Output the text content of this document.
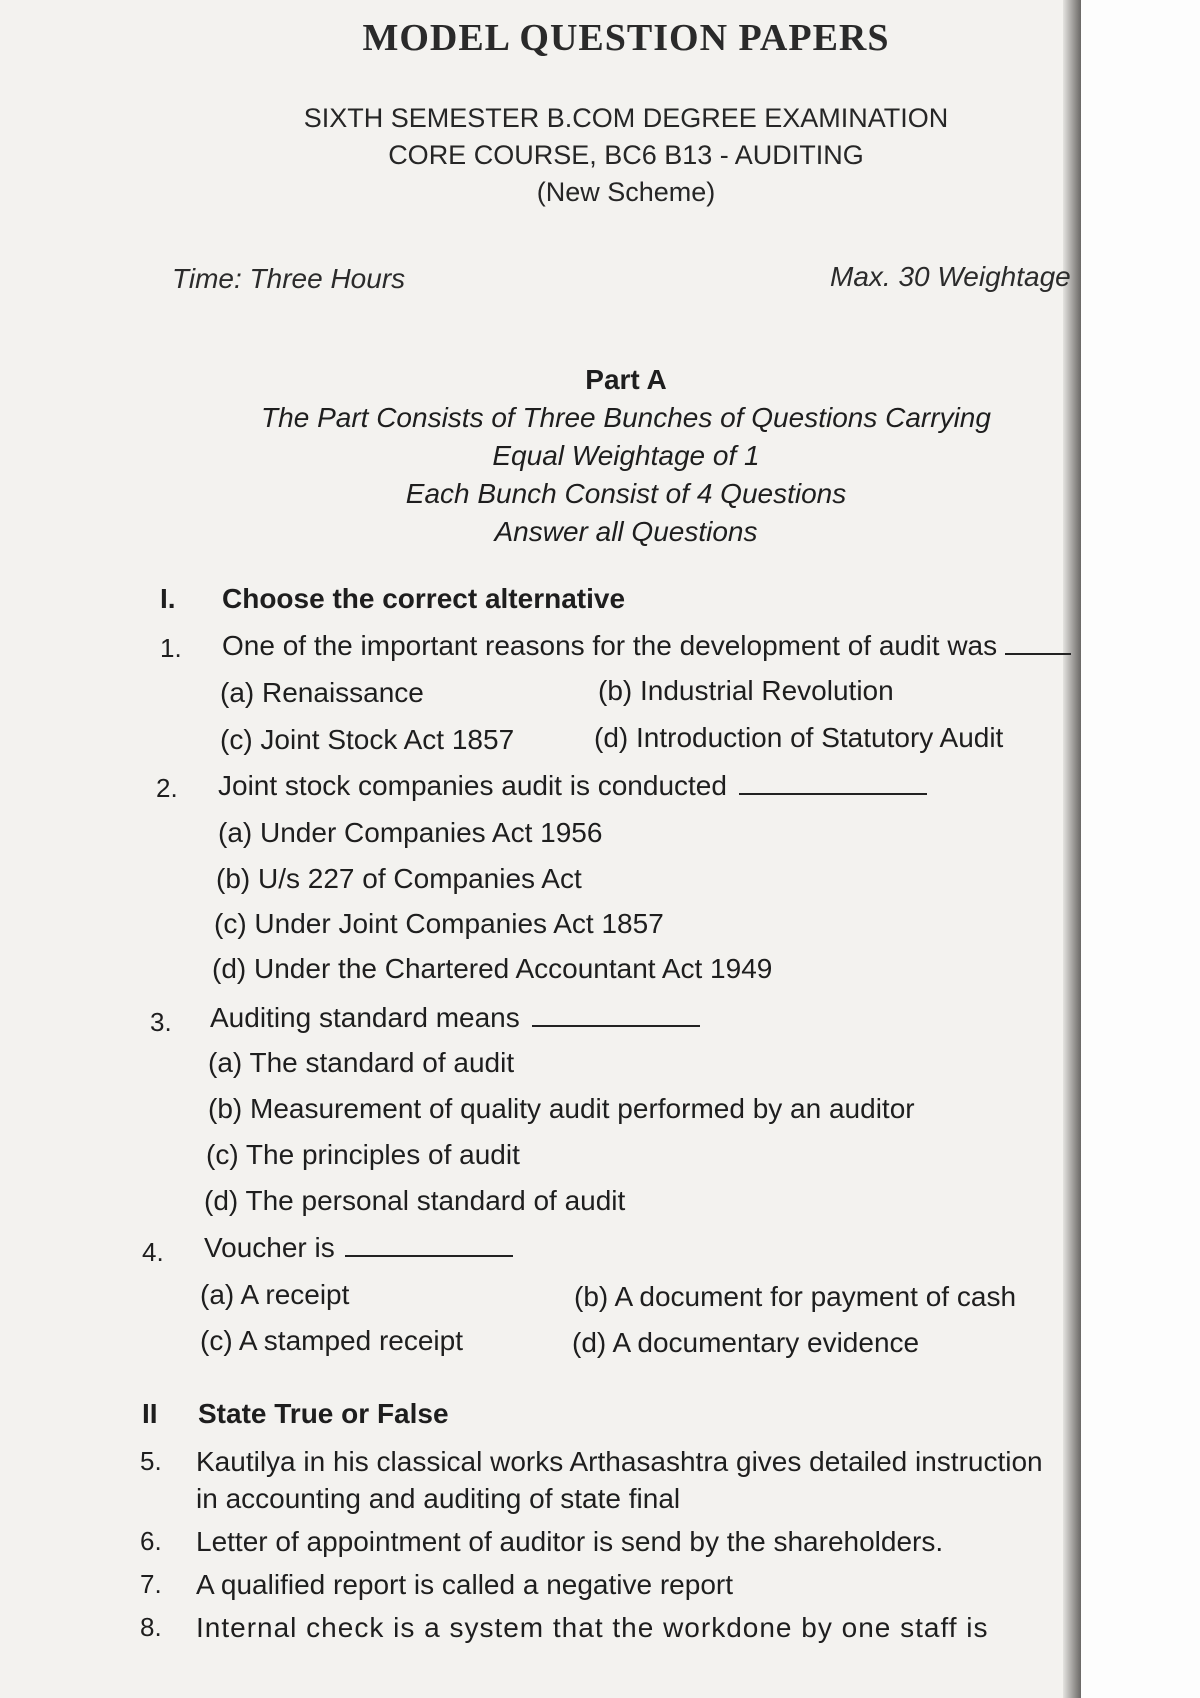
MODEL QUESTION PAPERS
SIXTH SEMESTER B.COM DEGREE EXAMINATION
CORE COURSE, BC6 B13 - AUDITING
(New Scheme)
Time: Three Hours	Max. 30 Weightage
Part A
The Part Consists of Three Bunches of Questions Carrying
Equal Weightage of 1
Each Bunch Consist of 4 Questions
Answer all Questions
I. Choose the correct alternative
1. One of the important reasons for the development of audit was
(a) Renaissance	(b) Industrial Revolution
(c) Joint Stock Act 1857	(d) Introduction of Statutory Audit
2. Joint stock companies audit is conducted
(a) Under Companies Act 1956
(b) U/s 227 of Companies Act
(c) Under Joint Companies Act 1857
(d) Under the Chartered Accountant Act 1949
3. Auditing standard means
(a) The standard of audit
(b) Measurement of quality audit performed by an auditor
(c) The principles of audit
(d) The personal standard of audit
4. Voucher is
(a) A receipt	(b) A document for payment of cash
(c) A stamped receipt	(d) A documentary evidence
II State True or False
5. Kautilya in his classical works Arthasashtra gives detailed instruction
in accounting and auditing of state final
6. Letter of appointment of auditor is send by the shareholders.
7. A qualified report is called a negative report
8. Internal check is a system that the workdone by one staff is
